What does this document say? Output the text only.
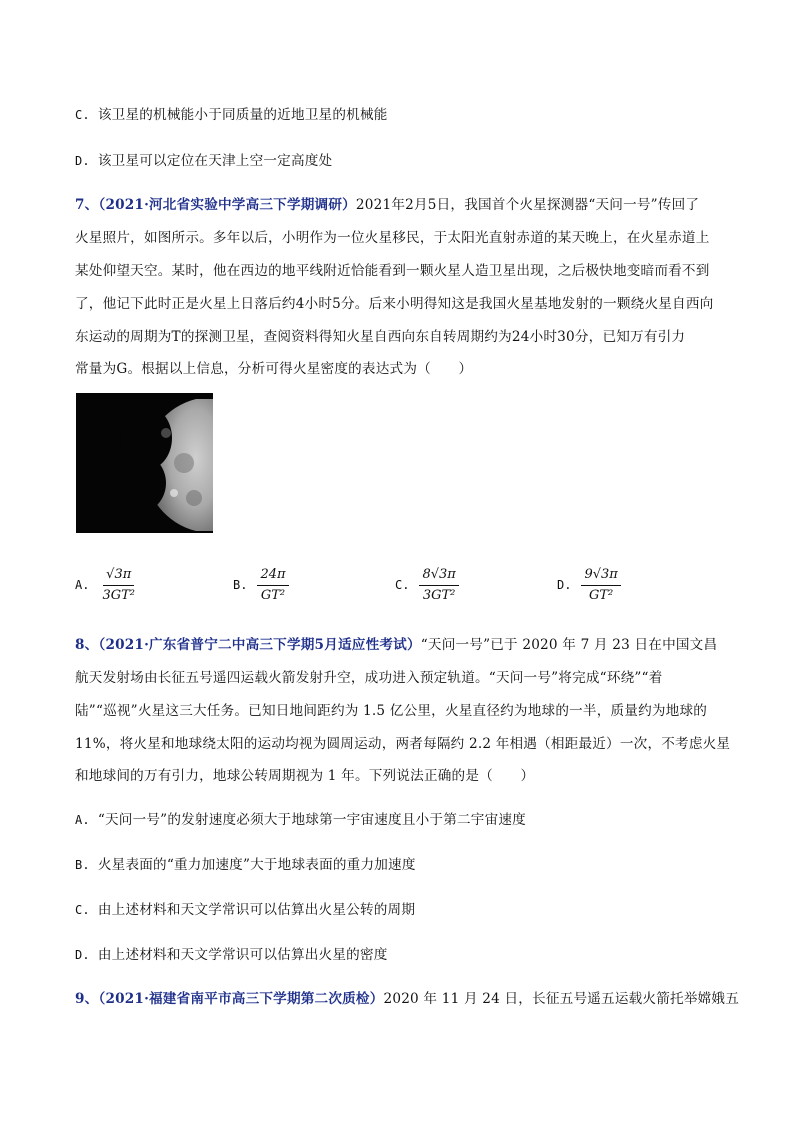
C. 该卫星的机械能小于同质量的近地卫星的机械能
D. 该卫星可以定位在天津上空一定高度处
7、（2021·河北省实验中学高三下学期调研）2021年2月5日，我国首个火星探测器“天问一号”传回了
火星照片，如图所示。多年以后，小明作为一位火星移民，于太阳光直射赤道的某天晚上，在火星赤道上
某处仰望天空。某时，他在西边的地平线附近恰能看到一颗火星人造卫星出现，之后极快地变暗而看不到
了，他记下此时正是火星上日落后约4小时5分。后来小明得知这是我国火星基地发射的一颗绕火星自西向
东运动的周期为T的探测卫星，查阅资料得知火星自西向东自转周期约为24小时30分，已知万有引力
常量为G。根据以上信息，分析可得火星密度的表达式为（　　）
A. $\frac{√3\pi}{\text{3GT²}}$	B. $\frac{24\pi}{\text{GT²}}$	C. $\frac{8√3\pi}{\text{3GT²}}$	D. $\frac{9√3\pi}{\text{GT²}}$
8、（2021·广东省普宁二中高三下学期5月适应性考试）“天问一号”已于 2020 年 7 月 23 日在中国文昌
航天发射场由长征五号遥四运载火箭发射升空，成功进入预定轨道。“天问一号”将完成“环绕”“着
陆”“巡视”火星这三大任务。已知日地间距约为 1.5 亿公里，火星直径约为地球的一半，质量约为地球的
11%，将火星和地球绕太阳的运动均视为圆周运动，两者每隔约 2.2 年相遇（相距最近）一次，不考虑火星
和地球间的万有引力，地球公转周期视为 1 年。下列说法正确的是（　　）
A. “天问一号”的发射速度必须大于地球第一宇宙速度且小于第二宇宙速度
B. 火星表面的“重力加速度”大于地球表面的重力加速度
C. 由上述材料和天文学常识可以估算出火星公转的周期
D. 由上述材料和天文学常识可以估算出火星的密度
9、（2021·福建省南平市高三下学期第二次质检）2020 年 11 月 24 日，长征五号遥五运载火箭托举嫦娥五
